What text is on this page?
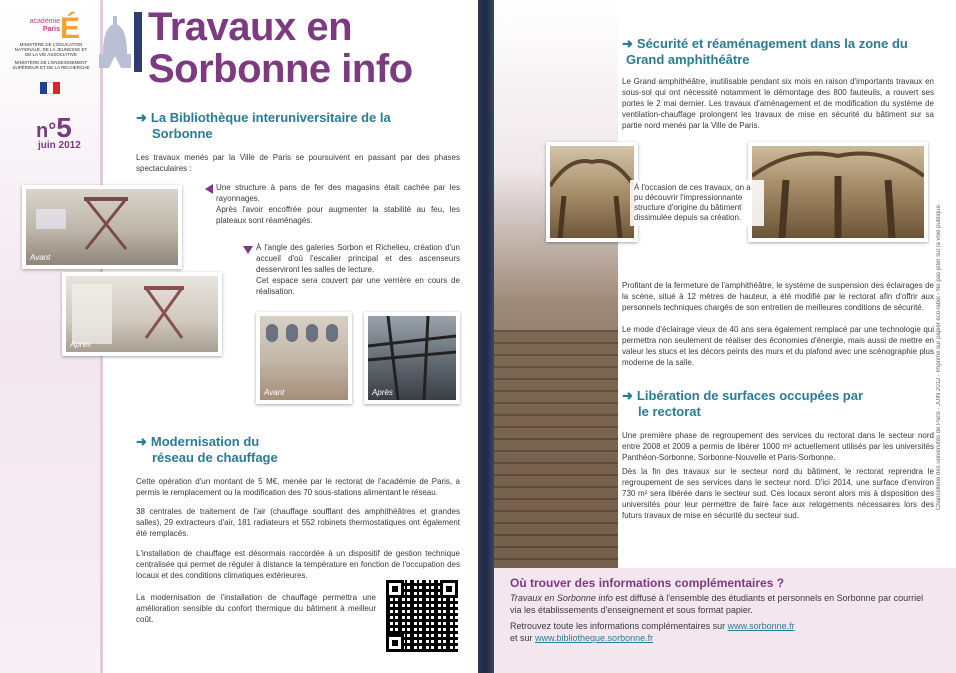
académie
Paris É
MINISTÈRE DE L'ÉDUCATION NATIONALE, DE LA JEUNESSE ET DE LA VIE ASSOCIATIVE
MINISTÈRE DE L'ENSEIGNEMENT SUPÉRIEUR ET DE LA RECHERCHE
Travaux en
Sorbonne info
n°5
juin 2012
➜ La Bibliothèque interuniversitaire de la
Sorbonne
Les travaux menés par la Ville de Paris se poursuivent en passant par des phases spectaculaires :
Avant
Après
Une structure à pans de fer des magasins était cachée par les rayonnages.
Après l'avoir encoffrée pour augmenter la stabilité au feu, les plateaux sont réaménagés.
À l'angle des galeries Sorbon et Richelieu, création d'un accueil d'où l'escalier principal et des ascenseurs desserviront les salles de lecture.
Cet espace sera couvert par une verrière en cours de réalisation.
Avant	Après
➜ Modernisation du
réseau de chauffage
Cette opération d'un montant de 5 M€, menée par le rectorat de l'académie de Paris, a permis le remplacement ou la modification des 70 sous-stations alimentant le réseau.
38 centrales de traitement de l'air (chauffage soufflant des amphithéâtres et grandes salles), 29 extracteurs d'air, 181 radiateurs et 552 robinets thermostatiques ont également été remplacés.
L'installation de chauffage est désormais raccordée à un dispositif de gestion technique centralisée qui permet de réguler à distance la température en fonction de l'occupation des locaux et des conditions climatiques extérieures.
La modernisation de l'installation de chauffage permettra une amélioration sensible du confort thermique du bâtiment à meilleur coût.
➜ Sécurité et réaménagement dans la zone du
Grand amphithéâtre
Le Grand amphithéâtre, inutilisable pendant six mois en raison d'importants travaux en sous-sol qui ont nécessité notamment le démontage des 800 fauteuils, a rouvert ses portes le 2 mai dernier. Les travaux d'aménagement et de modification du système de ventilation-chauffage prolongent les travaux de mise en sécurité du bâtiment sur sa partie nord menés par la Ville de Paris.
À l'occasion de ces travaux, on a pu découvrir l'impressionnante structure d'origine du bâtiment dissimulée depuis sa création.
Profitant de la fermeture de l'amphithéâtre, le système de suspension des éclairages de la scène, situé à 12 mètres de hauteur, a été modifié par le rectorat afin d'offrir aux personnels techniques chargés de son entretien de meilleures conditions de sécurité.
Le mode d'éclairage vieux de 40 ans sera également remplacé par une technologie qui permettra non seulement de réaliser des économies d'énergie, mais aussi de mettre en valeur les stucs et les décors peints des murs et du plafond avec une scénographie plus moderne de la salle.
➜ Libération de surfaces occupées par
le rectorat
Une première phase de regroupement des services du rectorat dans le secteur nord entre 2008 et 2009 a permis de libérer 1000 m² actuellement utilisés par les universités Panthéon-Sorbonne, Sorbonne-Nouvelle et Paris-Sorbonne.
Dès la fin des travaux sur le secteur nord du bâtiment, le rectorat reprendra le regroupement de ses services dans le secteur nord. D'ici 2014, une surface d'environ 730 m² sera libérée dans le secteur sud. Ces locaux seront alors mis à disposition des universités pour leur permettre de faire face aux relogements nécessaires lors des futurs travaux de mise en sécurité du secteur sud.
Où trouver des informations complémentaires ?
Travaux en Sorbonne info est diffusé à l'ensemble des étudiants et personnels en Sorbonne par courriel via les établissements d'enseignement et sous format papier.
Retrouvez toute les informations complémentaires sur www.sorbonne.fr
et sur www.bibliotheque.sorbonne.fr
Chancellerie des universités de Paris - JUIN 2012 - Imprimé sur papier éco-label - Ne pas jeter sur la voie publique.
